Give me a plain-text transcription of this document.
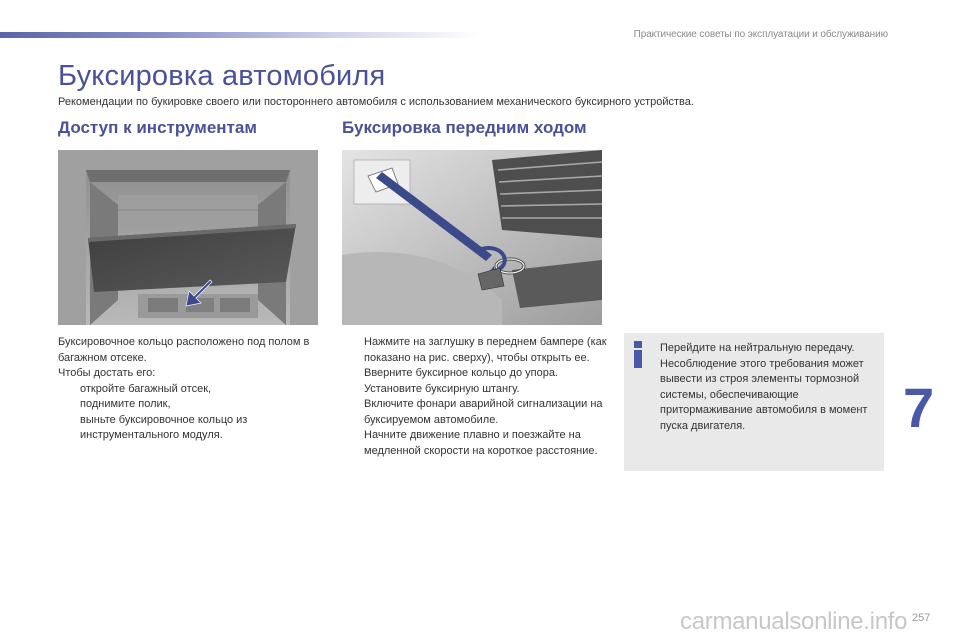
Практические советы по эксплуатации и обслуживанию
Буксировка автомобиля

Рекомендации по букировке своего или постороннего автомобиля с использованием механического буксирного устройства.

Доступ к инструментам	Буксировка передним ходом

Буксировочное кольцо расположено под полом в багажном отсеке.

Чтобы достать его:

откройте багажный отсек,
поднимите полик,
выньте буксировочное кольцо из инструментального модуля.
Нажмите на заглушку в переднем бампере (как показано на рис. сверху), чтобы открыть ее.
Вверните буксирное кольцо до упора.
Установите буксирную штангу.
Включите фонари аварийной сигнализации на буксируемом автомобиле.
Начните движение плавно и поезжайте на медленной скорости на короткое расстояние.

Перейдите на нейтральную передачу. Несоблюдение этого требования может вывести из строя элементы тормозной системы, обеспечивающие притормаживание автомобиля в момент пуска двигателя.	7
carmanualsonline.info 257
